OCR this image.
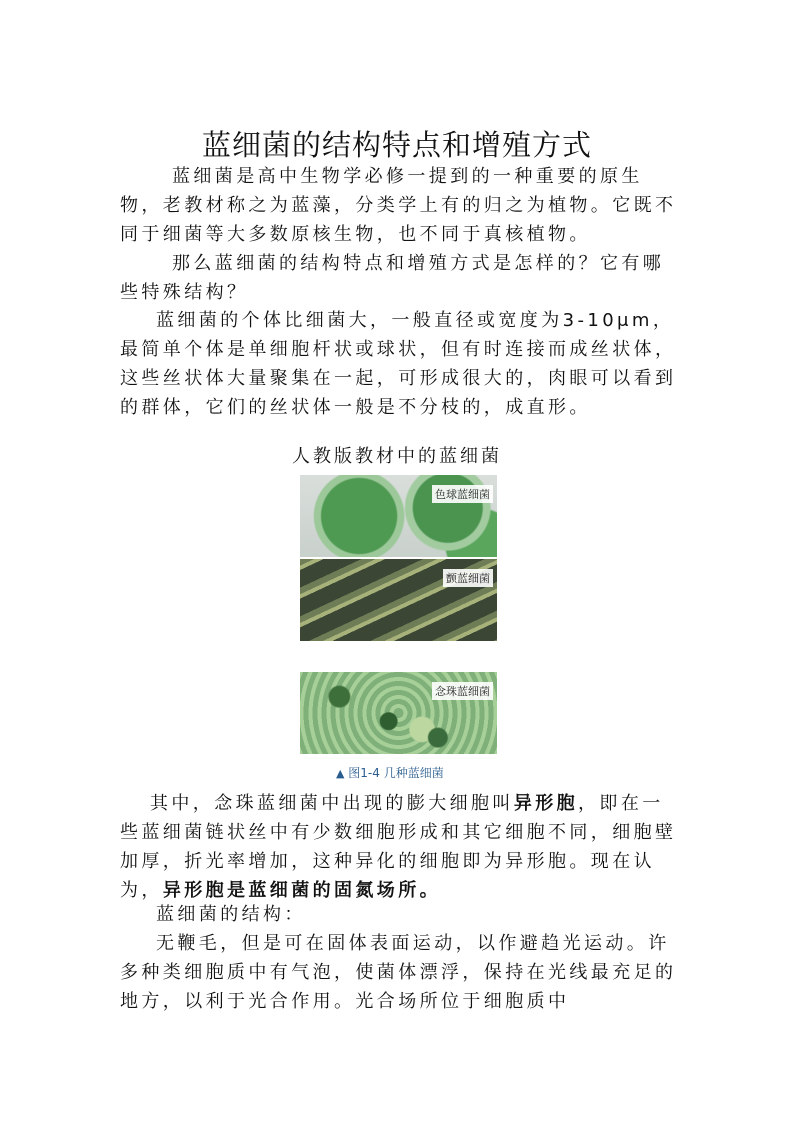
蓝细菌的结构特点和增殖方式

蓝细菌是高中生物学必修一提到的一种重要的原生物，老教材称之为蓝藻，分类学上有的归之为植物。它既不同于细菌等大多数原核生物，也不同于真核植物。

那么蓝细菌的结构特点和增殖方式是怎样的？它有哪些特殊结构？

蓝细菌的个体比细菌大，一般直径或宽度为3-10μm，最简单个体是单细胞杆状或球状，但有时连接而成丝状体，这些丝状体大量聚集在一起，可形成很大的，肉眼可以看到的群体，它们的丝状体一般是不分枝的，成直形。

人教版教材中的蓝细菌
色球蓝细菌
颤蓝细菌
念珠蓝细菌
▲ 图1-4 几种蓝细菌

其中，念珠蓝细菌中出现的膨大细胞叫异形胞，即在一些蓝细菌链状丝中有少数细胞形成和其它细胞不同，细胞壁加厚，折光率增加，这种异化的细胞即为异形胞。现在认为，异形胞是蓝细菌的固氮场所。

蓝细菌的结构：

无鞭毛，但是可在固体表面运动，以作避趋光运动。许多种类细胞质中有气泡，使菌体漂浮，保持在光线最充足的地方，以利于光合作用。光合场所位于细胞质中
